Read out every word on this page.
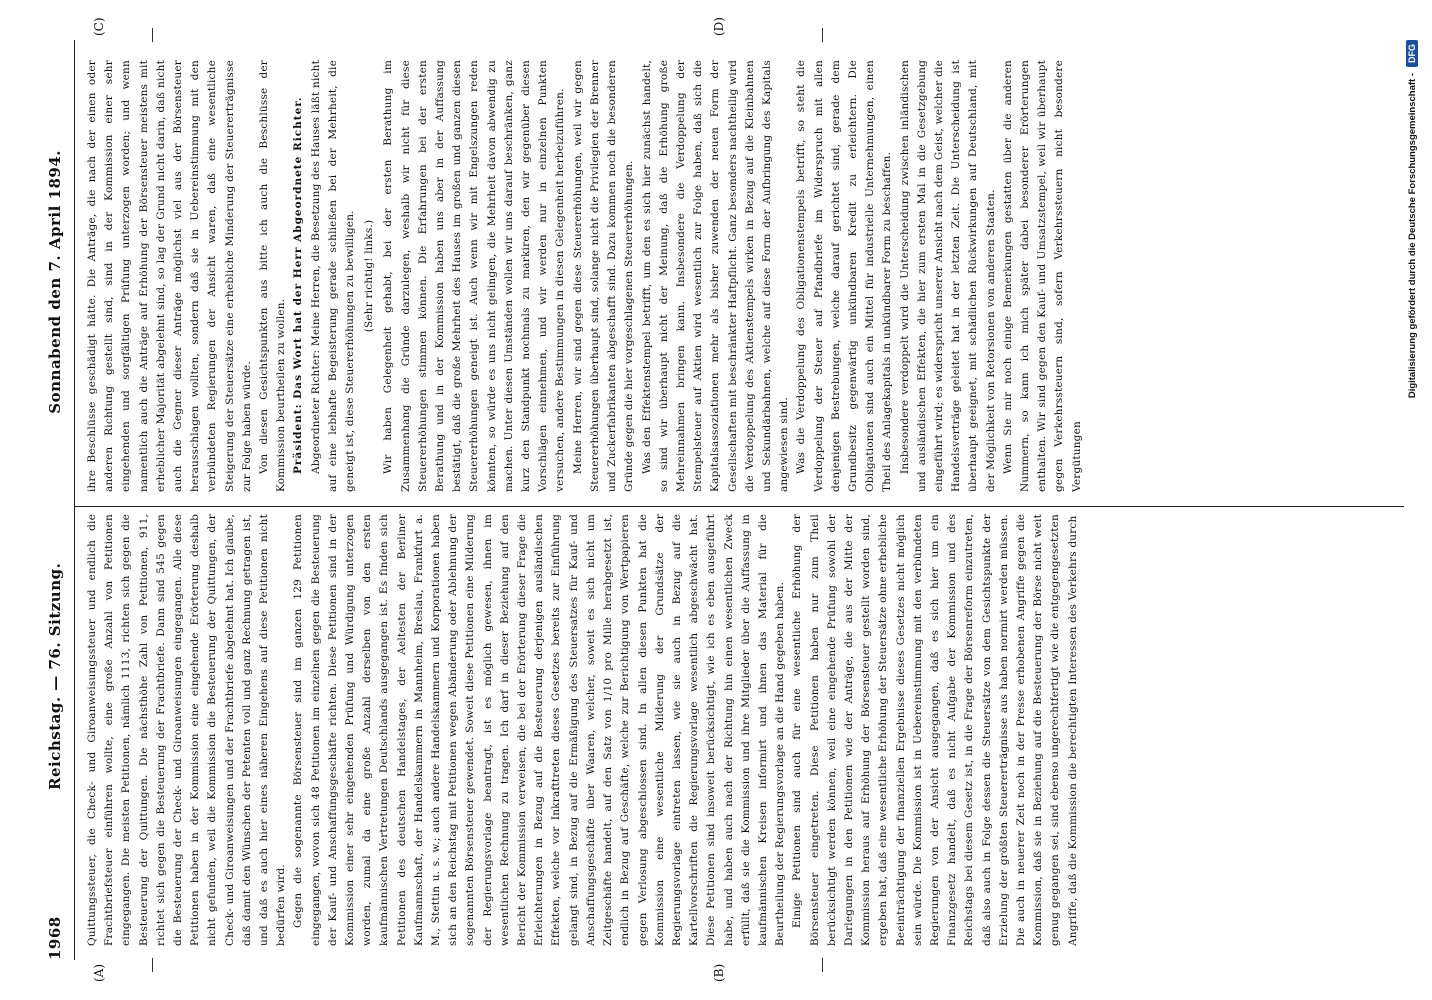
1968
Reichstag. — 76. Sitzung.
Sonnabend den 7. April 1894.
(A)	(B)
(C)	(D)

Quittungssteuer, die Check- und Giroanweisungssteuer und endlich die Frachtbriefsteuer einführen wollte, eine große Anzahl von Petitionen eingegangen. Die meisten Petitionen, nämlich 1113, richten sich gegen die Besteuerung der Quittungen. Die nächsthöhe Zahl von Petitionen, 911, richtet sich gegen die Besteuerung der Frachtbriefe. Dann sind 545 gegen die Besteuerung der Check- und Giroanweisungen eingegangen. Alle diese Petitionen haben in der Kommission eine eingehende Erörterung deshalb nicht gefunden, weil die Kommission die Besteuerung der Quittungen, der Check- und Giroanweisungen und der Frachtbriefe abgelehnt hat. Ich glaube, daß damit den Wünschen der Petenten voll und ganz Rechnung getragen ist, und daß es auch hier eines näheren Eingehens auf diese Petitionen nicht bedürfen wird. Gegen die sogenannte Börsensteuer sind im ganzen 129 Petitionen eingegangen, wovon sich 48 Petitionen im einzelnen gegen die Besteuerung der Kauf- und Anschaffungsgeschäfte richten. Diese Petitionen sind in der Kommission einer sehr eingehenden Prüfung und Würdigung unterzogen worden, zumal da eine große Anzahl derselben von den ersten kaufmännischen Vertretungen Deutschlands ausgegangen ist. Es finden sich Petitionen des deutschen Handelstages, der Aeltesten der Berliner Kaufmannschaft, der Handelskammern in Mannheim, Breslau, Frankfurt a. M., Stettin u. s. w.; auch andere Handelskammern und Korporationen haben sich an den Reichstag mit Petitionen wegen Abänderung oder Ablehnung der sogenannten Börsensteuer gewendet. Soweit diese Petitionen eine Milderung der Regierungsvorlage beantragt, ist es möglich gewesen, ihnen im wesentlichen Rechnung zu tragen. Ich darf in dieser Beziehung auf den Bericht der Kommission verweisen, die bei der Erörterung dieser Frage die Erleichterungen in Bezug auf die Besteuerung derjenigen ausländischen Effekten, welche vor Inkrafttreten dieses Gesetzes bereits zur Einführung gelangt sind, in Bezug auf die Ermäßigung des Steuersatzes für Kauf- und Anschaffungsgeschäfte über Waaren, welcher, soweit es sich nicht um Zeitgeschäfte handelt, auf den Satz von 1/10 pro Mille herabgesetzt ist, endlich in Bezug auf Geschäfte, welche zur Berichtigung von Wertpapieren gegen Verlosung abgeschlossen sind. In allen diesen Punkten hat die Kommission eine wesentliche Milderung der Grundsätze der Regierungsvorlage eintreten lassen, wie sie auch in Bezug auf die Kartellvorschriften die Regierungsvorlage wesentlich abgeschwächt hat. Diese Petitionen sind insoweit berücksichtigt, wie ich es eben ausgeführt habe, und haben auch nach der Richtung hin einen wesentlichen Zweck erfüllt, daß sie die Kommission und ihre Mitglieder über die Auffassung in kaufmännischen Kreisen informirt und ihnen das Material für die Beurtheilung der Regierungsvorlage an die Hand gegeben haben. Einige Petitionen sind auch für eine wesentliche Erhöhung der Börsensteuer eingetreten. Diese Petitionen haben nur zum Theil berücksichtigt werden können, weil eine eingehende Prüfung sowohl der Darlegungen in den Petitionen wie der Anträge, die aus der Mitte der Kommission heraus auf Erhöhung der Börsensteuer gestellt worden sind, ergeben hat, daß eine wesentliche Erhöhung der Steuersätze ohne erhebliche Beeinträchtigung der finanziellen Ergebnisse dieses Gesetzes nicht möglich sein würde. Die Kommission ist in Uebereinstimmung mit den verbündeten Regierungen von der Ansicht ausgegangen, daß es sich hier um ein Finanzgesetz handelt, daß es nicht Aufgabe der Kommission und des Reichstags bei diesem Gesetz ist, in die Frage der Börsenreform einzutreten, daß also auch in Folge dessen die Steuersätze von dem Gesichtspunkte der Erzielung der größten Steuererträgnisse aus haben normirt werden müssen. Die auch in neuerer Zeit noch in der Presse erhobenen Angriffe gegen die Kommission, daß sie in Beziehung auf die Besteuerung der Börse nicht weit genug gegangen sei, sind ebenso ungerechtfertigt wie die entgegengesetzten Angriffe, daß die Kommission die berechtigten Interessen des Verkehrs durch

ihre Beschlüsse geschädigt hätte. Die Anträge, die nach der einen oder anderen Richtung gestellt sind, sind in der Kommission einer sehr eingehenden und sorgfältigen Prüfung unterzogen worden; und wenn namentlich auch die Anträge auf Erhöhung der Börsensteuer meistens mit erheblicher Majorität abgelehnt sind, so lag der Grund nicht darin, daß nicht auch die Gegner dieser Anträge möglichst viel aus der Börsensteuer herausschlagen wollten, sondern daß sie in Uebereinstimmung mit den verbündeten Regierungen der Ansicht waren, daß eine wesentliche Steigerung der Steuersätze eine erhebliche Minderung der Steuererträgnisse zur Folge haben würde. Von diesen Gesichtspunkten aus bitte ich auch die Beschlüsse der Kommission beurtheilen zu wollen. Präsident: Das Wort hat der Herr Abgeordnete Richter. Abgeordneter Richter: Meine Herren, die Besetzung des Hauses läßt nicht auf eine lebhafte Begeisterung gerade schließen bei der Mehrheit, die geneigt ist, diese Steuererhöhungen zu bewilligen. (Sehr richtig! links.) Wir haben Gelegenheit gehabt, bei der ersten Berathung im Zusammenhang die Gründe darzulegen, weshalb wir nicht für diese Steuererhöhungen stimmen können. Die Erfahrungen bei der ersten Berathung und in der Kommission haben uns aber in der Auffassung bestätigt, daß die große Mehrheit des Hauses im großen und ganzen diesen Steuererhöhungen geneigt ist. Auch wenn wir mit Engelszungen reden könnten, so würde es uns nicht gelingen, die Mehrheit davon abwendig zu machen. Unter diesen Umständen wollen wir uns darauf beschränken, ganz kurz den Standpunkt nochmals zu markiren, den wir gegenüber diesen Vorschlägen einnehmen, und wir werden nur in einzelnen Punkten versuchen, andere Bestimmungen in diesen Gelegenheit herbeizuführen. Meine Herren, wir sind gegen diese Steuererhöhungen, weil wir gegen Steuererhöhungen überhaupt sind, solange nicht die Privilegien der Brenner und Zuckerfabrikanten abgeschafft sind. Dazu kommen noch die besonderen Gründe gegen die hier vorgeschlagenen Steuererhöhungen. Was den Effektenstempel betrifft, um den es sich hier zunächst handelt, so sind wir überhaupt nicht der Meinung, daß die Erhöhung große Mehreinnahmen bringen kann. Insbesondere die Verdoppelung der Stempelsteuer auf Aktien wird wesentlich zur Folge haben, daß sich die Kapitalsassoziationen mehr als bisher zuwenden der neuen Form der Gesellschaften mit beschränkter Haftpflicht. Ganz besonders nachtheilig wird die Verdoppelung des Aktienstempels wirken in Bezug auf die Kleinbahnen und Sekundärbahnen, welche auf diese Form der Aufbringung des Kapitals angewiesen sind. Was die Verdoppelung des Obligationenstempels betrifft, so steht die Verdoppelung der Steuer auf Pfandbriefe im Widerspruch mit allen denjenigen Bestrebungen, welche darauf gerichtet sind, gerade dem Grundbesitz gegenwärtig unkündbaren Kredit zu erleichtern. Die Obligationen sind auch ein Mittel für industrielle Unternehmungen, einen Theil des Anlagekapitals in unkündbarer Form zu beschaffen. Insbesondere verdoppelt wird die Unterscheidung zwischen inländischen und ausländischen Effekten, die hier zum ersten Mal in die Gesetzgebung eingeführt wird; es widerspricht unserer Ansicht nach dem Geist, welcher die Handelsverträge geleitet hat in der letzten Zeit. Die Unterscheidung ist überhaupt geeignet, mit schädlichen Rückwirkungen auf Deutschland, mit der Möglichkeit von Retorsionen von anderen Staaten. Wenn Sie mir noch einige Bemerkungen gestatten über die anderen Nummern, so kann ich mich später dabei besonderer Erörterungen enthalten. Wir sind gegen den Kauf- und Umsatzstempel, weil wir überhaupt gegen Verkehrssteuern sind, sofern Verkehrssteuern nicht besondere Vergütungen

Digitalisierung gefördert durch die Deutsche Forschungsgemeinschaft -DFG
